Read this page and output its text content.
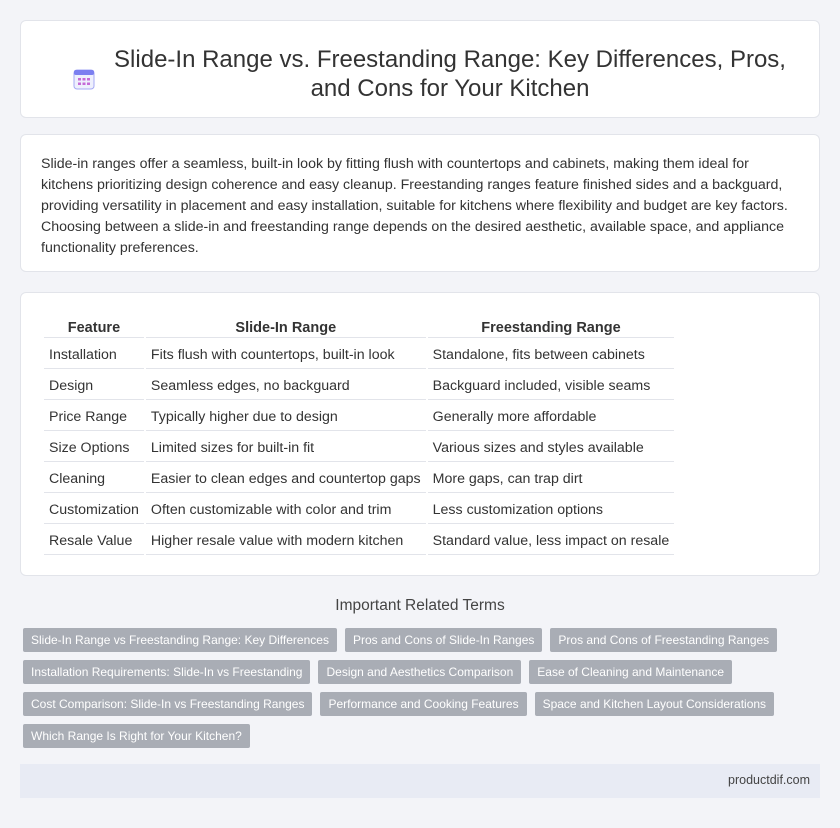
Slide-In Range vs. Freestanding Range: Key Differences, Pros, and Cons for Your Kitchen

Slide-in ranges offer a seamless, built-in look by fitting flush with countertops and cabinets, making them ideal for kitchens prioritizing design coherence and easy cleanup. Freestanding ranges feature finished sides and a backguard, providing versatility in placement and easy installation, suitable for kitchens where flexibility and budget are key factors. Choosing between a slide-in and freestanding range depends on the desired aesthetic, available space, and appliance functionality preferences.

Feature	Slide-In Range	Freestanding Range
Installation	Fits flush with countertops, built-in look	Standalone, fits between cabinets
Design	Seamless edges, no backguard	Backguard included, visible seams
Price Range	Typically higher due to design	Generally more affordable
Size Options	Limited sizes for built-in fit	Various sizes and styles available
Cleaning	Easier to clean edges and countertop gaps	More gaps, can trap dirt
Customization	Often customizable with color and trim	Less customization options
Resale Value	Higher resale value with modern kitchen	Standard value, less impact on resale
Important Related Terms
Slide-In Range vs Freestanding Range: Key Differences	Pros and Cons of Slide-In Ranges	Pros and Cons of Freestanding Ranges
Installation Requirements: Slide-In vs Freestanding	Design and Aesthetics Comparison	Ease of Cleaning and Maintenance
Cost Comparison: Slide-In vs Freestanding Ranges	Performance and Cooking Features	Space and Kitchen Layout Considerations
Which Range Is Right for Your Kitchen?
productdif.com
